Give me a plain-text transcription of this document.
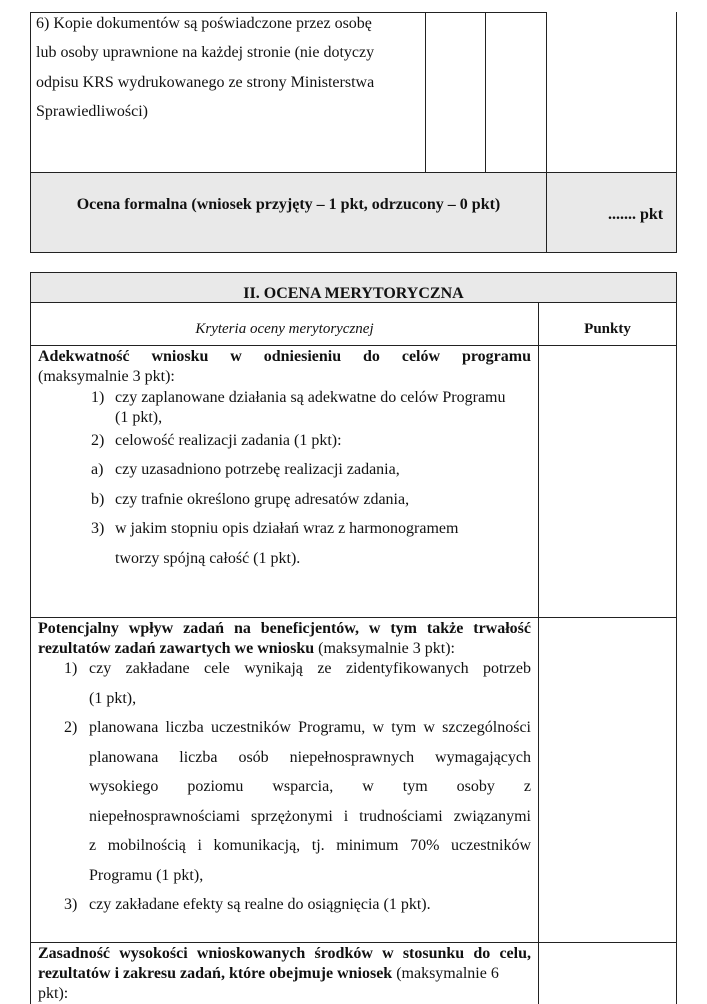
6) Kopie dokumentów są poświadczone przez osobę
lub osoby uprawnione na każdej stronie (nie dotyczy
odpisu KRS wydrukowanego ze strony Ministerstwa
Sprawiedliwości)
Ocena formalna (wniosek przyjęty – 1 pkt, odrzucony – 0 pkt)
....... pkt
II. OCENA MERYTORYCZNA
Kryteria oceny merytorycznej	Punkty
Adekwatność wniosku w odniesieniu do celów programu
(maksymalnie 3 pkt):
1) czy zaplanowane działania są adekwatne do celów Programu
(1 pkt),
2) celowość realizacji zadania (1 pkt):
a) czy uzasadniono potrzebę realizacji zadania,
b) czy trafnie określono grupę adresatów zdania,
3) w jakim stopniu opis działań wraz z harmonogramem
tworzy spójną całość (1 pkt).
Potencjalny wpływ zadań na beneficjentów, w tym także trwałość
rezultatów zadań zawartych we wniosku (maksymalnie 3 pkt):
1) czy zakładane cele wynikają ze zidentyfikowanych potrzeb
(1 pkt),
2) planowana liczba uczestników Programu, w tym w szczególności
planowana liczba osób niepełnosprawnych wymagających
wysokiego poziomu wsparcia, w tym osoby z
niepełnosprawnościami sprzężonymi i trudnościami związanymi
z mobilnością i komunikacją, tj. minimum 70% uczestników
Programu (1 pkt),
3) czy zakładane efekty są realne do osiągnięcia (1 pkt).
Zasadność wysokości wnioskowanych środków w stosunku do celu,
rezultatów i zakresu zadań, które obejmuje wniosek (maksymalnie 6
pkt):
